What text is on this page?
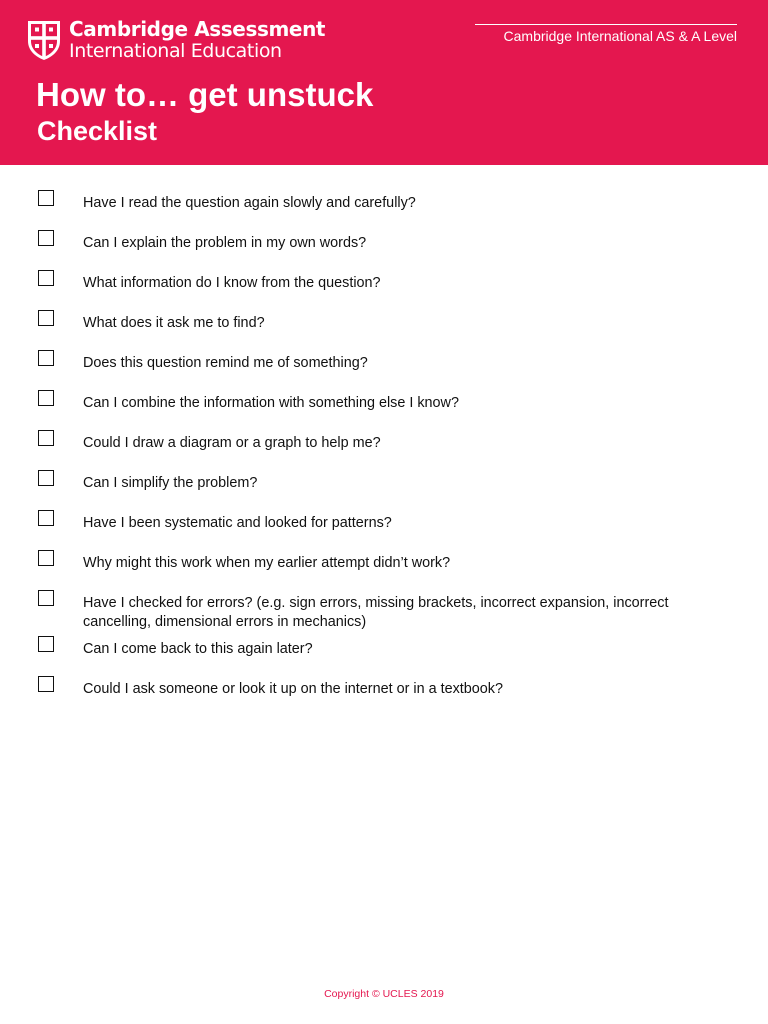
Cambridge Assessment
International Education
Cambridge International AS & A Level
How to… get unstuck
Checklist
Have I read the question again slowly and carefully?
Can I explain the problem in my own words?
What information do I know from the question?
What does it ask me to find?
Does this question remind me of something?
Can I combine the information with something else I know?
Could I draw a diagram or a graph to help me?
Can I simplify the problem?
Have I been systematic and looked for patterns?
Why might this work when my earlier attempt didn’t work?
Have I checked for errors? (e.g. sign errors, missing brackets, incorrect expansion, incorrect cancelling, dimensional errors in mechanics)
Can I come back to this again later?
Could I ask someone or look it up on the internet or in a textbook?
Copyright © UCLES 2019
